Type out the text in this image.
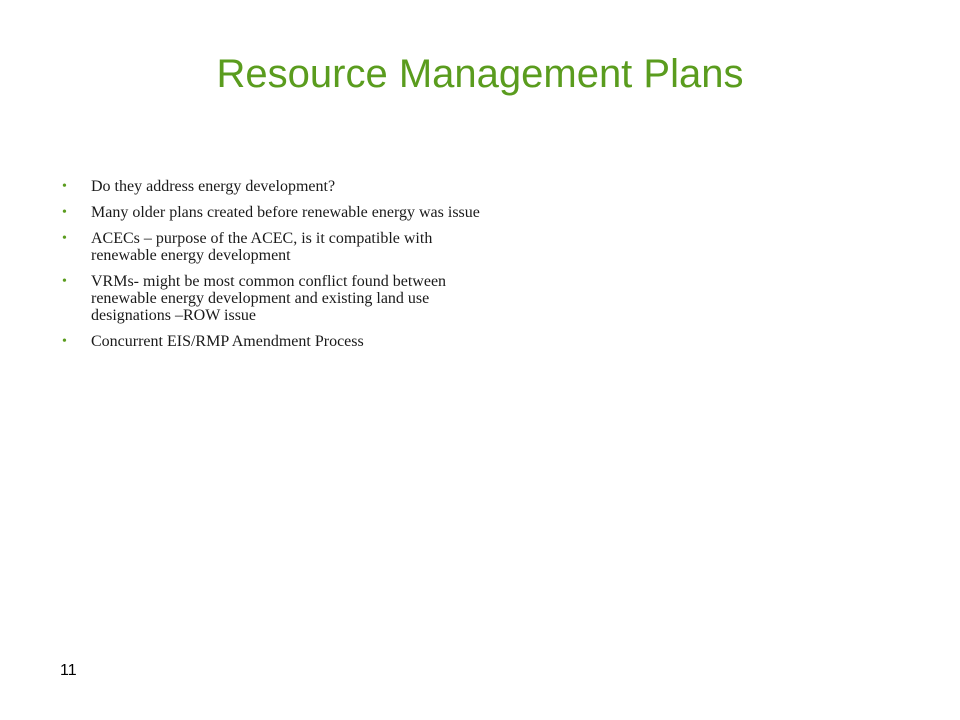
Resource Management Plans
• Do they address energy development?
• Many older plans created before renewable energy was issue
• ACECs – purpose of the ACEC, is it compatible with renewable energy development
• VRMs- might be most common conflict found between renewable energy development and existing land use designations –ROW issue
• Concurrent EIS/RMP Amendment Process
11
